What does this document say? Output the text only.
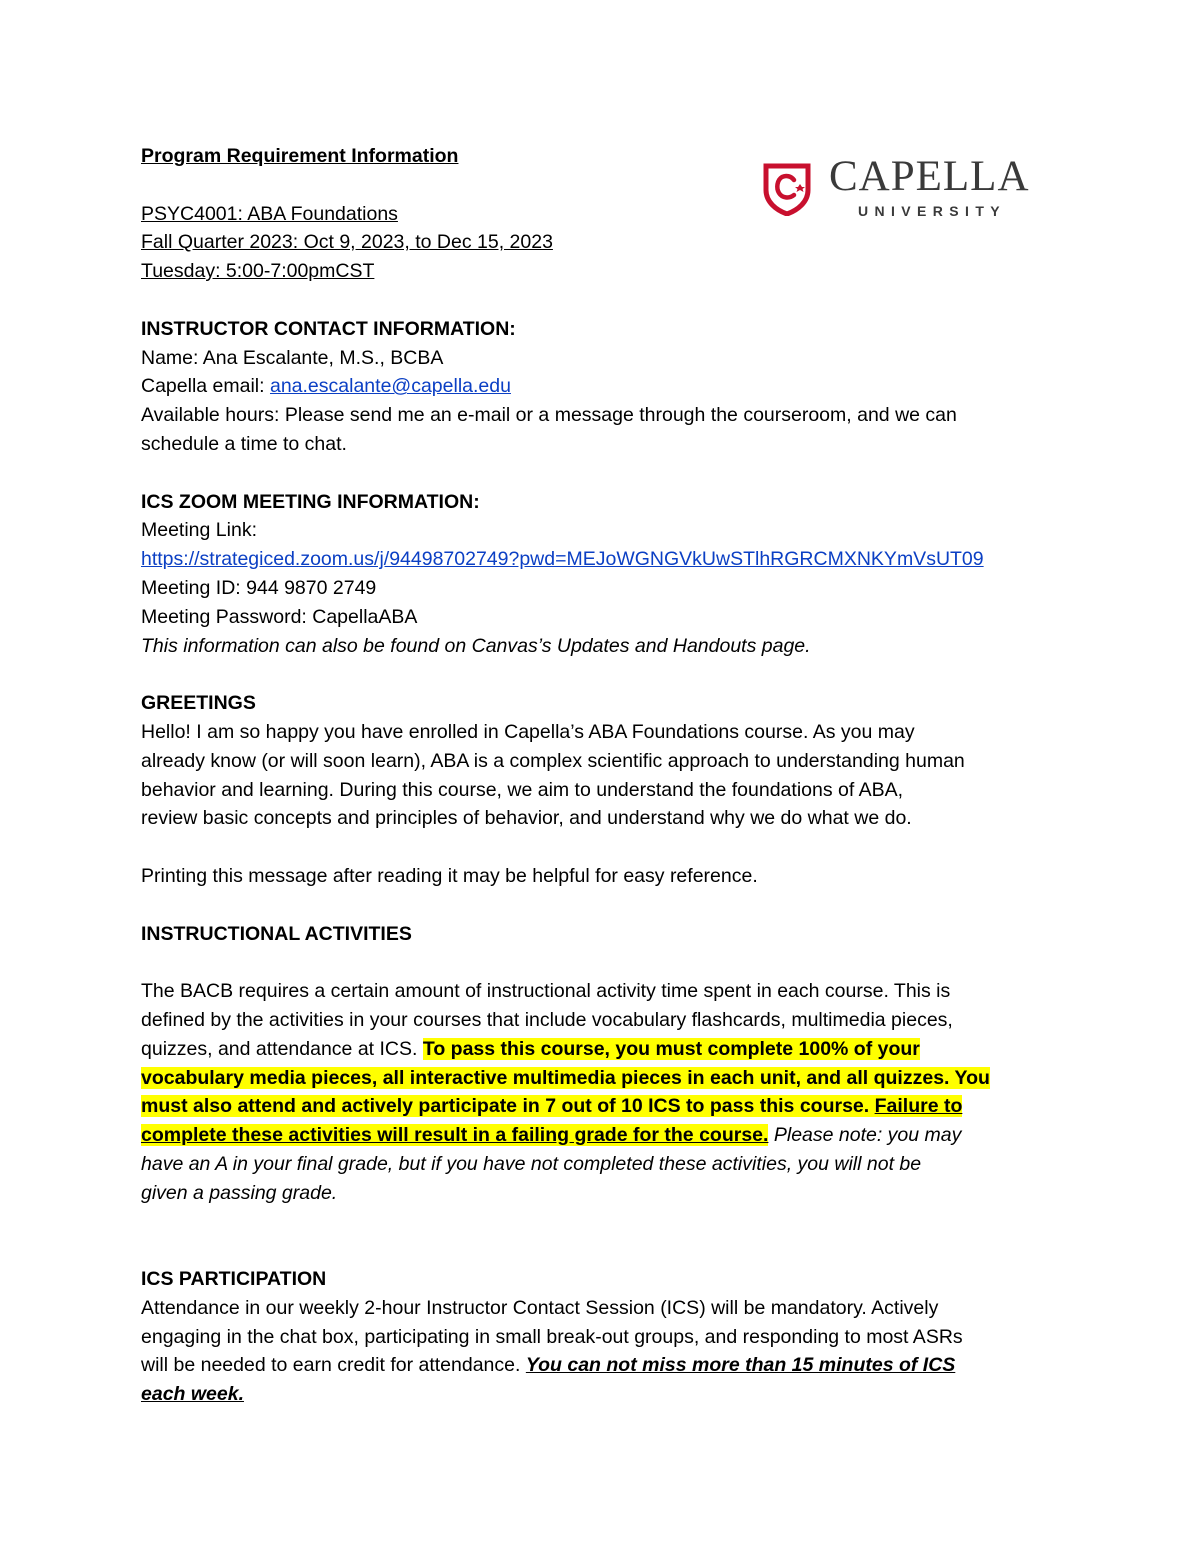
CAPELLA
UNIVERSITY
Program Requirement Information
PSYC4001: ABA Foundations
Fall Quarter 2023: Oct 9, 2023, to Dec 15, 2023
Tuesday: 5:00-7:00pmCST
INSTRUCTOR CONTACT INFORMATION:
Name: Ana Escalante, M.S., BCBA
Capella email: ana.escalante@capella.edu
Available hours: Please send me an e-mail or a message through the courseroom, and we can
schedule a time to chat.
ICS ZOOM MEETING INFORMATION:
Meeting Link:
https://strategiced.zoom.us/j/94498702749?pwd=MEJoWGNGVkUwSTlhRGRCMXNKYmVsUT09
Meeting ID: 944 9870 2749
Meeting Password: CapellaABA
This information can also be found on Canvas’s Updates and Handouts page.
GREETINGS
Hello! I am so happy you have enrolled in Capella’s ABA Foundations course. As you may
already know (or will soon learn), ABA is a complex scientific approach to understanding human
behavior and learning. During this course, we aim to understand the foundations of ABA,
review basic concepts and principles of behavior, and understand why we do what we do.
Printing this message after reading it may be helpful for easy reference.
INSTRUCTIONAL ACTIVITIES
The BACB requires a certain amount of instructional activity time spent in each course. This is
defined by the activities in your courses that include vocabulary flashcards, multimedia pieces,
quizzes, and attendance at ICS. To pass this course, you must complete 100% of your
vocabulary media pieces, all interactive multimedia pieces in each unit, and all quizzes. You
must also attend and actively participate in 7 out of 10 ICS to pass this course. Failure to
complete these activities will result in a failing grade for the course. Please note: you may
have an A in your final grade, but if you have not completed these activities, you will not be
given a passing grade.
ICS PARTICIPATION
Attendance in our weekly 2-hour Instructor Contact Session (ICS) will be mandatory. Actively
engaging in the chat box, participating in small break-out groups, and responding to most ASRs
will be needed to earn credit for attendance. You can not miss more than 15 minutes of ICS
each week.
